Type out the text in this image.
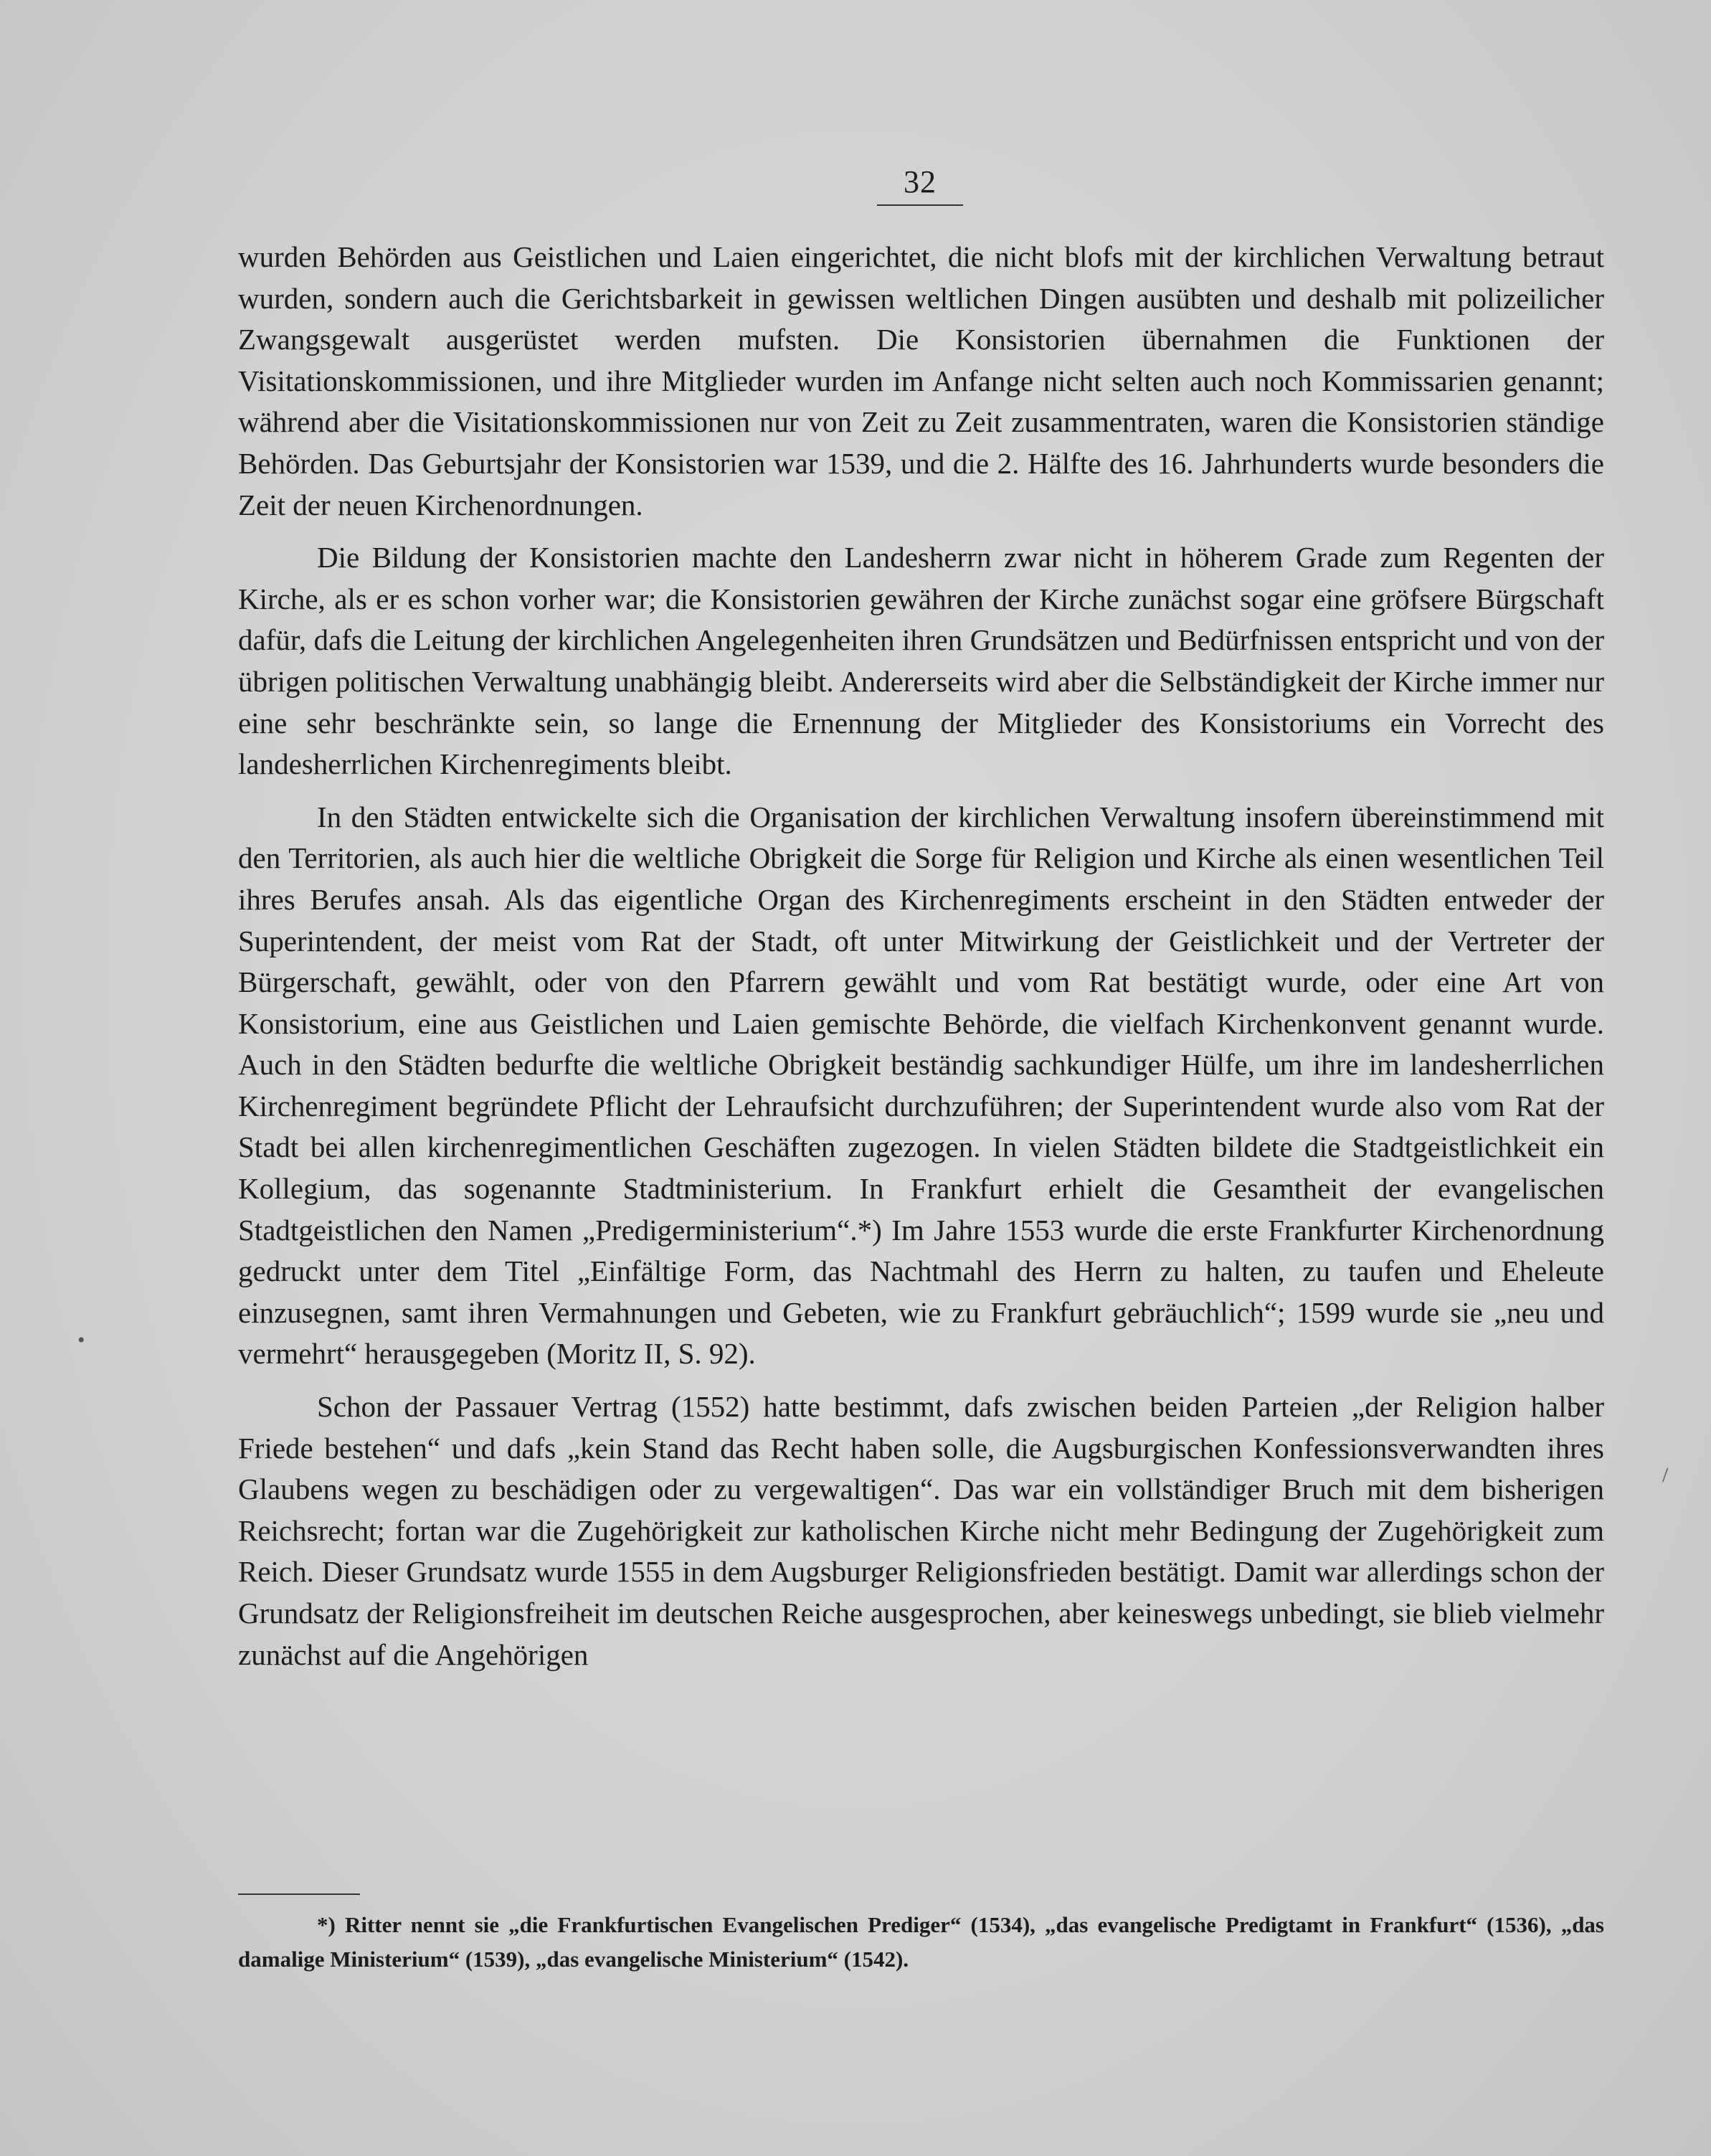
32

wurden Behörden aus Geistlichen und Laien eingerichtet, die nicht blofs mit der kirchlichen Verwaltung betraut wurden, sondern auch die Gerichtsbarkeit in gewissen weltlichen Dingen ausübten und deshalb mit polizeilicher Zwangsgewalt ausgerüstet werden mufsten. Die Konsistorien übernahmen die Funktionen der Visitationskommissionen, und ihre Mitglieder wurden im Anfange nicht selten auch noch Kommissarien genannt; während aber die Visitationskommissionen nur von Zeit zu Zeit zusammentraten, waren die Konsistorien ständige Behörden. Das Geburtsjahr der Konsistorien war 1539, und die 2. Hälfte des 16. Jahrhunderts wurde besonders die Zeit der neuen Kirchenordnungen.

Die Bildung der Konsistorien machte den Landesherrn zwar nicht in höherem Grade zum Regenten der Kirche, als er es schon vorher war; die Konsistorien gewähren der Kirche zunächst sogar eine gröfsere Bürgschaft dafür, dafs die Leitung der kirchlichen Angelegenheiten ihren Grundsätzen und Bedürfnissen entspricht und von der übrigen politischen Verwaltung unabhängig bleibt. Andererseits wird aber die Selbständigkeit der Kirche immer nur eine sehr beschränkte sein, so lange die Ernennung der Mitglieder des Konsistoriums ein Vorrecht des landesherrlichen Kirchenregiments bleibt.

In den Städten entwickelte sich die Organisation der kirchlichen Verwaltung insofern übereinstimmend mit den Territorien, als auch hier die weltliche Obrigkeit die Sorge für Religion und Kirche als einen wesentlichen Teil ihres Berufes ansah. Als das eigentliche Organ des Kirchenregiments erscheint in den Städten entweder der Superintendent, der meist vom Rat der Stadt, oft unter Mitwirkung der Geistlichkeit und der Vertreter der Bürgerschaft, gewählt, oder von den Pfarrern gewählt und vom Rat bestätigt wurde, oder eine Art von Konsistorium, eine aus Geistlichen und Laien gemischte Behörde, die vielfach Kirchenkonvent genannt wurde. Auch in den Städten bedurfte die weltliche Obrigkeit beständig sachkundiger Hülfe, um ihre im landesherrlichen Kirchenregiment begründete Pflicht der Lehraufsicht durchzuführen; der Superintendent wurde also vom Rat der Stadt bei allen kirchenregimentlichen Geschäften zugezogen. In vielen Städten bildete die Stadtgeistlichkeit ein Kollegium, das sogenannte Stadtministerium. In Frankfurt erhielt die Gesamtheit der evangelischen Stadtgeistlichen den Namen „Predigerministerium“.*) Im Jahre 1553 wurde die erste Frankfurter Kirchenordnung gedruckt unter dem Titel „Einfältige Form, das Nachtmahl des Herrn zu halten, zu taufen und Eheleute einzusegnen, samt ihren Vermahnungen und Gebeten, wie zu Frankfurt gebräuchlich“; 1599 wurde sie „neu und vermehrt“ herausgegeben (Moritz II, S. 92).

Schon der Passauer Vertrag (1552) hatte bestimmt, dafs zwischen beiden Parteien „der Religion halber Friede bestehen“ und dafs „kein Stand das Recht haben solle, die Augsburgischen Konfessionsverwandten ihres Glaubens wegen zu beschädigen oder zu vergewaltigen“. Das war ein vollständiger Bruch mit dem bisherigen Reichsrecht; fortan war die Zugehörigkeit zur katholischen Kirche nicht mehr Bedingung der Zugehörigkeit zum Reich. Dieser Grundsatz wurde 1555 in dem Augsburger Religionsfrieden bestätigt. Damit war allerdings schon der Grundsatz der Religionsfreiheit im deutschen Reiche ausgesprochen, aber keineswegs unbedingt, sie blieb vielmehr zunächst auf die Angehörigen

*) Ritter nennt sie „die Frankfurtischen Evangelischen Prediger“ (1534), „das evangelische Predigtamt in Frankfurt“ (1536), „das damalige Ministerium“ (1539), „das evangelische Ministerium“ (1542).

•
/
